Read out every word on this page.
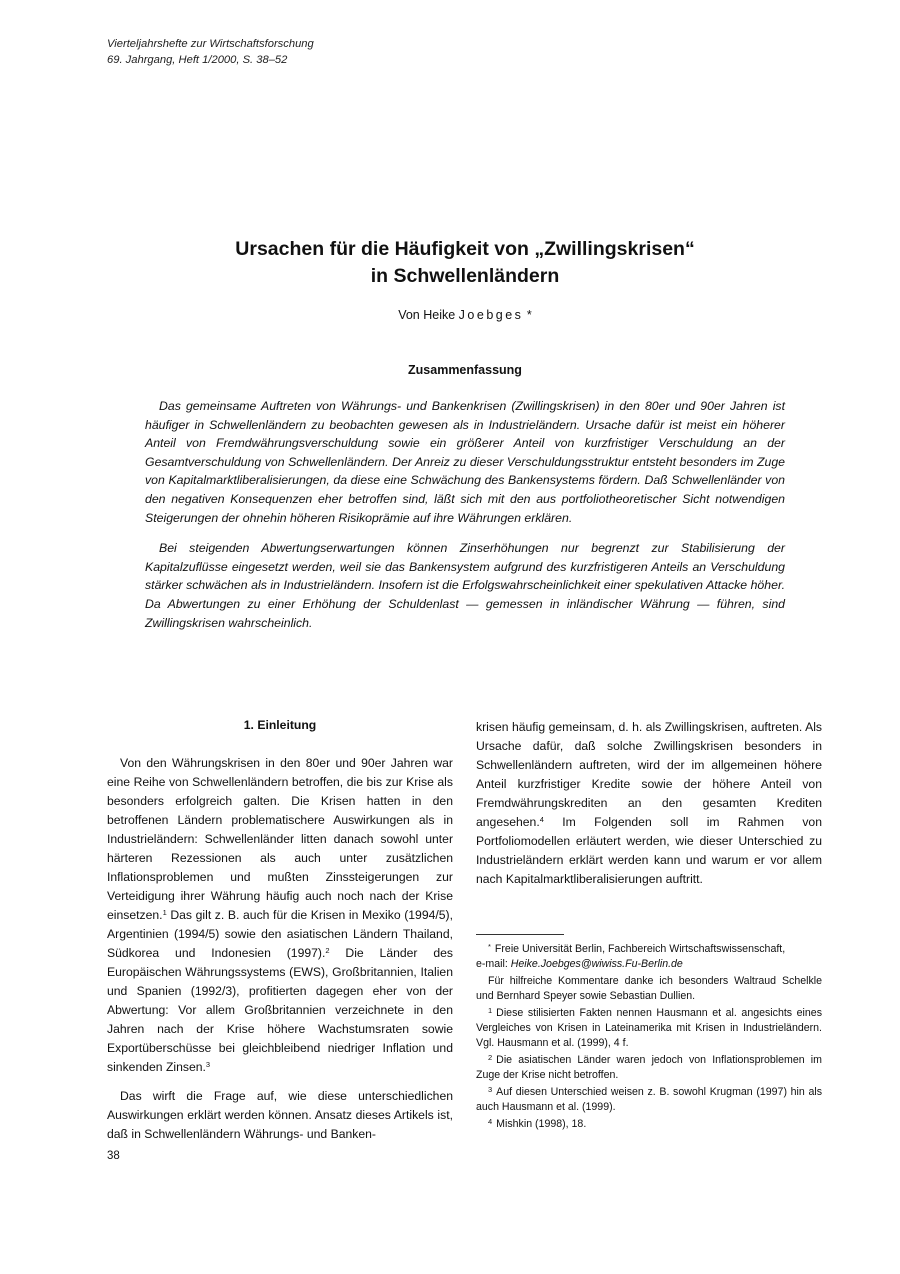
Vierteljahrshefte zur Wirtschaftsforschung
69. Jahrgang, Heft 1/2000, S. 38–52
Ursachen für die Häufigkeit von „Zwillingskrisen“
in Schwellenländern
Von Heike Joebges *
Zusammenfassung

Das gemeinsame Auftreten von Währungs- und Bankenkrisen (Zwillingskrisen) in den 80er und 90er Jahren ist häufiger in Schwellenländern zu beobachten gewesen als in Industrieländern. Ursache dafür ist meist ein höherer Anteil von Fremdwährungsverschuldung sowie ein größerer Anteil von kurzfristiger Verschuldung an der Gesamtverschuldung von Schwellenländern. Der Anreiz zu dieser Verschuldungsstruktur entsteht besonders im Zuge von Kapitalmarktliberalisierungen, da diese eine Schwächung des Bankensystems fördern. Daß Schwellenländer von den negativen Konsequenzen eher betroffen sind, läßt sich mit den aus portfoliotheoretischer Sicht notwendigen Steigerungen der ohnehin höheren Risikoprämie auf ihre Währungen erklären.

Bei steigenden Abwertungserwartungen können Zinserhöhungen nur begrenzt zur Stabilisierung der Kapitalzuflüsse eingesetzt werden, weil sie das Bankensystem aufgrund des kurzfristigeren Anteils an Verschuldung stärker schwächen als in Industrieländern. Insofern ist die Erfolgswahrscheinlichkeit einer spekulativen Attacke höher. Da Abwertungen zu einer Erhöhung der Schuldenlast — gemessen in inländischer Währung — führen, sind Zwillingskrisen wahrscheinlich.

1. Einleitung

Von den Währungskrisen in den 80er und 90er Jahren war eine Reihe von Schwellenländern betroffen, die bis zur Krise als besonders erfolgreich galten. Die Krisen hatten in den betroffenen Ländern problematischere Auswirkungen als in Industrieländern: Schwellenländer litten danach sowohl unter härteren Rezessionen als auch unter zusätzlichen Inflationsproblemen und mußten Zinssteigerungen zur Verteidigung ihrer Währung häufig auch noch nach der Krise einsetzen.$^1$ Das gilt z. B. auch für die Krisen in Mexiko (1994/5), Argentinien (1994/5) sowie den asiatischen Ländern Thailand, Südkorea und Indonesien (1997).$^2$ Die Länder des Europäischen Währungssystems (EWS), Großbritannien, Italien und Spanien (1992/3), profitierten dagegen eher von der Abwertung: Vor allem Großbritannien verzeichnete in den Jahren nach der Krise höhere Wachstumsraten sowie Exportüberschüsse bei gleichbleibend niedriger Inflation und sinkenden Zinsen.$^3$

Das wirft die Frage auf, wie diese unterschiedlichen Auswirkungen erklärt werden können. Ansatz dieses Artikels ist, daß in Schwellenländern Währungs- und Banken-

krisen häufig gemeinsam, d. h. als Zwillingskrisen, auftreten. Als Ursache dafür, daß solche Zwillingskrisen besonders in Schwellenländern auftreten, wird der im allgemeinen höhere Anteil kurzfristiger Kredite sowie der höhere Anteil von Fremdwährungskrediten an den gesamten Krediten angesehen.$^4$ Im Folgenden soll im Rahmen von Portfoliomodellen erläutert werden, wie dieser Unterschied zu Industrieländern erklärt werden kann und warum er vor allem nach Kapitalmarktliberalisierungen auftritt.

* Freie Universität Berlin, Fachbereich Wirtschaftswissenschaft,
e-mail: Heike.Joebges@wiwiss.Fu-Berlin.de

Für hilfreiche Kommentare danke ich besonders Waltraud Schelkle und Bernhard Speyer sowie Sebastian Dullien.

$^1$ Diese stilisierten Fakten nennen Hausmann et al. angesichts eines Vergleiches von Krisen in Lateinamerika mit Krisen in Industrieländern. Vgl. Hausmann et al. (1999), 4 f.

$^2$ Die asiatischen Länder waren jedoch von Inflationsproblemen im Zuge der Krise nicht betroffen.

$^3$ Auf diesen Unterschied weisen z. B. sowohl Krugman (1997) hin als auch Hausmann et al. (1999).

$^4$ Mishkin (1998), 18.

38
